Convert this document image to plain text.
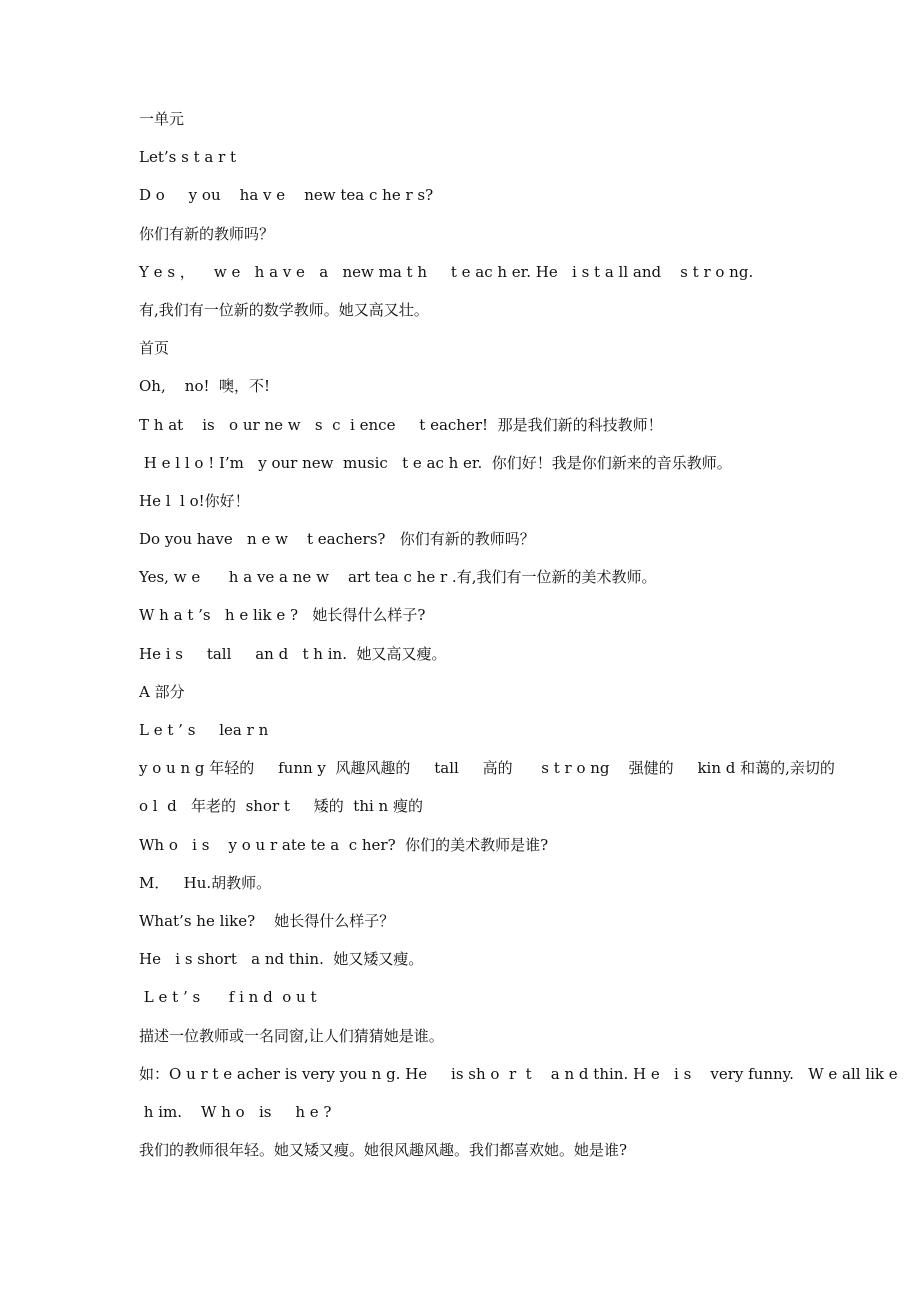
一单元
Let’s s t a r t
D o     y ou    ha v e    new tea c he r s?
你们有新的教师吗？
Y e s ，    w e   h a v e   a   new ma t h     t e ac h er. He   i s t a ll and    s t r o ng.
有,我们有一位新的数学教师。她又高又壮。
首页
Oh,    no!  噢，不!
T h at    is   o ur ne w   s  c  i ence     t eacher!  那是我们新的科技教师！
H e l l o ! I’m   y our new  music   t e ac h er.  你们好！我是你们新来的音乐教师。
He l  l o!你好！
Do you have   n e w    t eachers?   你们有新的教师吗？
Yes, w e      h a ve a ne w    art tea c he r .有,我们有一位新的美术教师。
W h a t ’s   h e lik e ?   她长得什么样子?
He i s     tall     an d   t h in.  她又高又瘦。
A 部分
L e t ’ s     lea r n
y o u n g 年轻的     funn y  风趣风趣的     tall     高的      s t r o ng    强健的     kin d 和蔼的,亲切的
o l  d   年老的  shor t     矮的  thi n 瘦的
Wh o   i s    y o u r ate te a  c her?  你们的美术教师是谁?
M．   Hu.胡教师。
What’s he like?    她长得什么样子？
He   i s short   a nd thin.  她又矮又瘦。
L e t ’ s      f i n d  o u t
描述一位教师或一名同窗,让人们猜猜她是谁。
如：O u r t e acher is very you n g. He     is sh o  r  t    a n d thin. H e   i s    very funny.   W e all lik e
h im.    W h o   is     h e ?
我们的教师很年轻。她又矮又瘦。她很风趣风趣。我们都喜欢她。她是谁?
